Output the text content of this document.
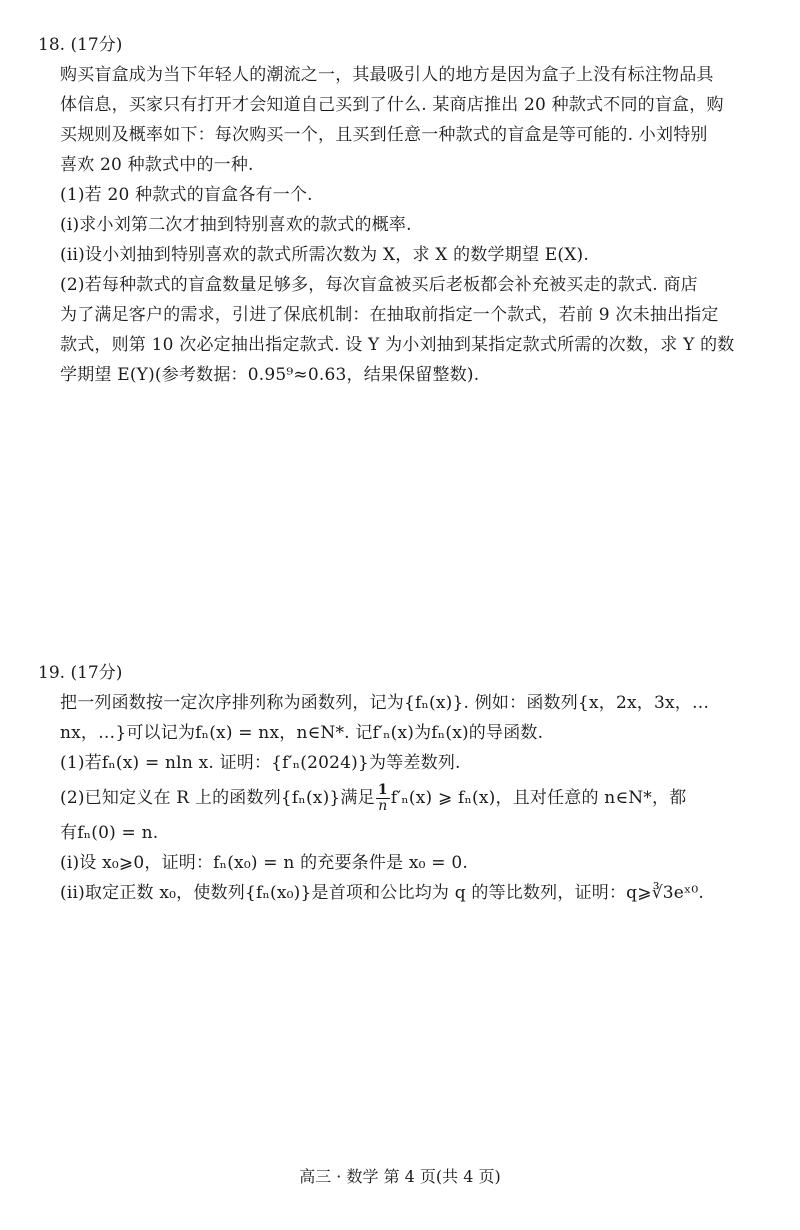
18. (17分)
购买盲盒成为当下年轻人的潮流之一，其最吸引人的地方是因为盒子上没有标注物品具
体信息，买家只有打开才会知道自己买到了什么. 某商店推出 20 种款式不同的盲盒，购
买规则及概率如下：每次购买一个，且买到任意一种款式的盲盒是等可能的. 小刘特别
喜欢 20 种款式中的一种.
(1)若 20 种款式的盲盒各有一个.
(i)求小刘第二次才抽到特别喜欢的款式的概率.
(ii)设小刘抽到特别喜欢的款式所需次数为 X，求 X 的数学期望 E(X).
(2)若每种款式的盲盒数量足够多，每次盲盒被买后老板都会补充被买走的款式. 商店
为了满足客户的需求，引进了保底机制：在抽取前指定一个款式，若前 9 次未抽出指定
款式，则第 10 次必定抽出指定款式. 设 Y 为小刘抽到某指定款式所需的次数，求 Y 的数
学期望 E(Y)(参考数据：0.95⁹≈0.63，结果保留整数).
19. (17分)
把一列函数按一定次序排列称为函数列，记为{fₙ(x)}. 例如：函数列{x，2x，3x，…
nx，…}可以记为fₙ(x) = nx，n∈N*. 记f′ₙ(x)为fₙ(x)的导函数.
(1)若fₙ(x) = nln x. 证明：{f′ₙ(2024)}为等差数列.
(2)已知定义在 R 上的函数列{fₙ(x)}满足 $\frac{1}{n} f'_n(x)$ ⩾ fₙ(x)，且对任意的 n∈N*，都
有fₙ(0) = n.
(i)设 x₀⩾0，证明：fₙ(x₀) = n 的充要条件是 x₀ = 0.
(ii)取定正数 x₀，使数列{fₙ(x₀)}是首项和公比均为 q 的等比数列，证明：q⩾∛3eˣ⁰.
高三 · 数学 第 4 页(共 4 页)
